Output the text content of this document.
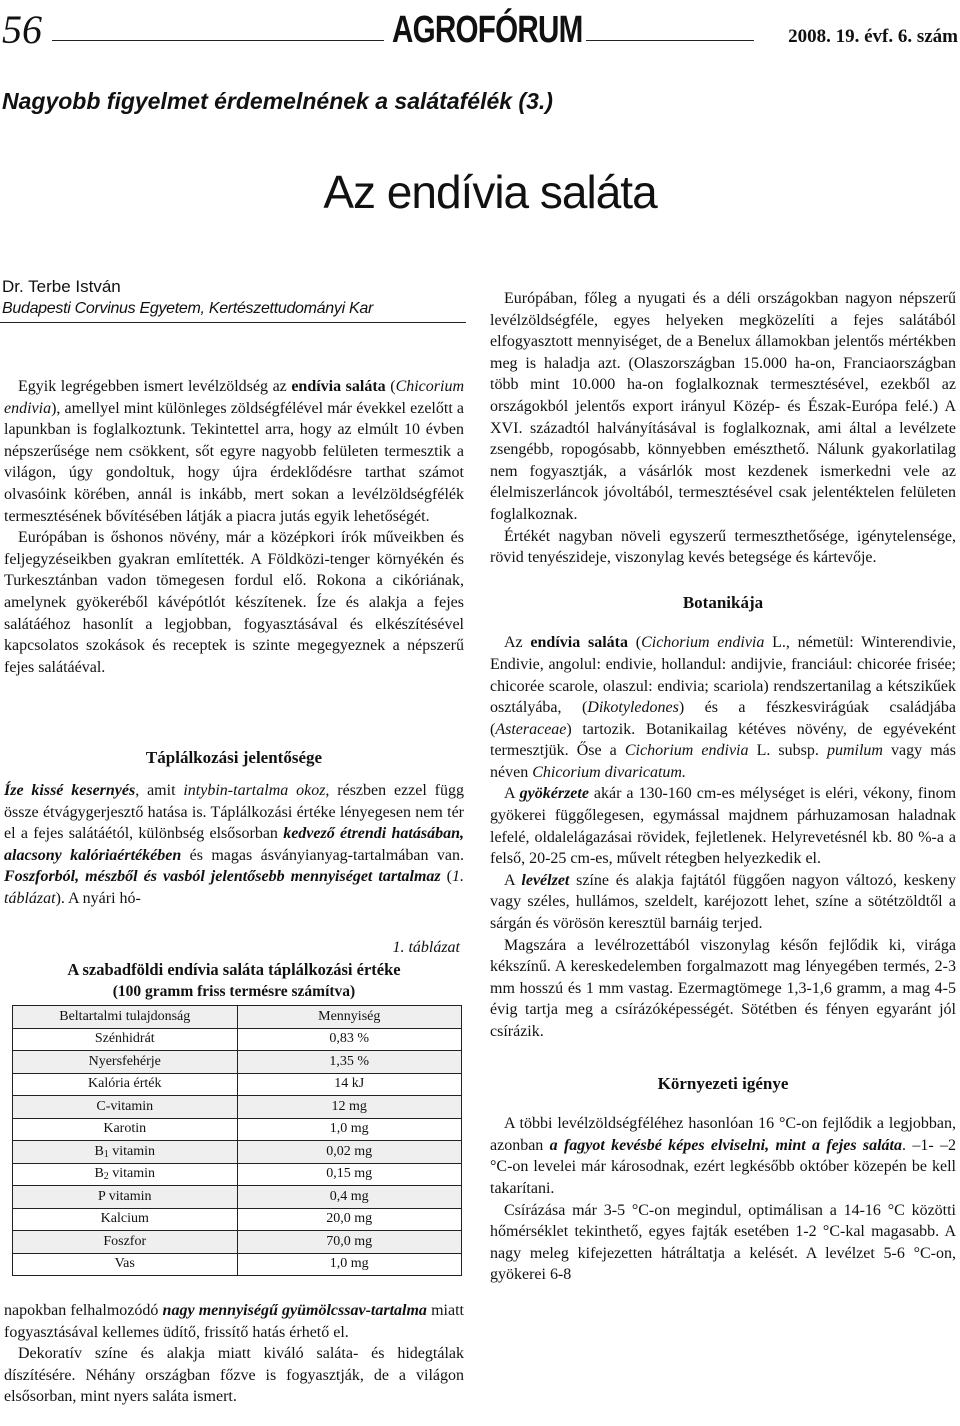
56	AGROFÓRUM	2008. 19. évf. 6. szám
Nagyobb figyelmet érdemelnének a salátafélék (3.)
Az endívia saláta
Dr. Terbe István
Budapesti Corvinus Egyetem, Kertészettudományi Kar

Egyik legrégebben ismert levélzöldség az endívia saláta (Chicorium endivia), amellyel mint különleges zöldségfélével már évekkel ezelőtt a lapunkban is foglalkoztunk. Tekintettel arra, hogy az elmúlt 10 évben népszerűsége nem csökkent, sőt egyre nagyobb felületen termesztik a világon, úgy gondoltuk, hogy újra érdeklődésre tarthat számot olvasóink körében, annál is inkább, mert sokan a levélzöldségfélék termesztésének bővítésében látják a piacra jutás egyik lehetőségét.

Európában is őshonos növény, már a középkori írók műveikben és feljegyzéseikben gyakran említették. A Földközi-tenger környékén és Turkesztánban vadon tömegesen fordul elő. Rokona a cikóriának, amelynek gyökeréből kávépótlót készítenek. Íze és alakja a fejes salátáéhoz hasonlít a legjobban, fogyasztásával és elkészítésével kapcsolatos szokások és receptek is szinte megegyeznek a népszerű fejes salátáéval.

Táplálkozási jelentősége

Íze kissé kesernyés, amit intybin-tartalma okoz, részben ezzel függ össze étvágygerjesztő hatása is. Táplálkozási értéke lényegesen nem tér el a fejes salátáétól, különbség elsősorban kedvező étrendi hatásában, alacsony kalóriaértékében és magas ásványianyag-tartalmában van. Foszforból, mészből és vasból jelentősebb mennyiséget tartalmaz (1. táblázat). A nyári hó-

1. táblázat
A szabadföldi endívia saláta táplálkozási értéke
(100 gramm friss termésre számítva)
Beltartalmi tulajdonság	Mennyiség
Szénhidrát	0,83 %
Nyersfehérje	1,35 %
Kalória érték	14 kJ
C-vitamin	12 mg
Karotin	1,0 mg
$B_1$ vitamin	0,02 mg
$B_2$ vitamin	0,15 mg
P vitamin	0,4 mg
Kalcium	20,0 mg
Foszfor	70,0 mg
Vas	1,0 mg

napokban felhalmozódó nagy mennyiségű gyümölcssav-tartalma miatt fogyasztásával kellemes üdítő, frissítő hatás érhető el.

Dekoratív színe és alakja miatt kiváló saláta- és hidegtálak díszítésére. Néhány országban főzve is fogyasztják, de a világon elsősorban, mint nyers saláta ismert.

Európában, főleg a nyugati és a déli országokban nagyon népszerű levélzöldségféle, egyes helyeken megközelíti a fejes salátából elfogyasztott mennyiséget, de a Benelux államokban jelentős mértékben meg is haladja azt. (Olaszországban 15.000 ha-on, Franciaországban több mint 10.000 ha-on foglalkoznak termesztésével, ezekből az országokból jelentős export irányul Közép- és Észak-Európa felé.) A XVI. századtól halványításával is foglalkoznak, ami által a levélzete zsengébb, ropogósabb, könnyebben emészthető. Nálunk gyakorlatilag nem fogyasztják, a vásárlók most kezdenek ismerkedni vele az élelmiszerláncok jóvoltából, termesztésével csak jelentéktelen felületen foglalkoznak.

Értékét nagyban növeli egyszerű termeszthetősége, igénytelensége, rövid tenyészideje, viszonylag kevés betegsége és kártevője.

Botanikája

Az endívia saláta (Cichorium endivia L., németül: Winterendivie, Endivie, angolul: endivie, hollandul: andijvie, franciául: chicorée frisée; chicorée scarole, olaszul: endivia; scariola) rendszertanilag a kétszikűek osztályába, (Dikotyledones) és a fészkesvirágúak családjába (Asteraceae) tartozik. Botanikailag kétéves növény, de egyéveként termesztjük. Őse a Cichorium endivia L. subsp. pumilum vagy más néven Chicorium divaricatum.

A gyökérzete akár a 130-160 cm-es mélységet is eléri, vékony, finom gyökerei függőlegesen, egymással majdnem párhuzamosan haladnak lefelé, oldalelágazásai rövidek, fejletlenek. Helyrevetésnél kb. 80 %-a a felső, 20-25 cm-es, művelt rétegben helyezkedik el.

A levélzet színe és alakja fajtától függően nagyon változó, keskeny vagy széles, hullámos, szeldelt, karéjozott lehet, színe a sötétzöldtől a sárgán és vörösön keresztül barnáig terjed.

Magszára a levélrozettából viszonylag későn fejlődik ki, virága kékszínű. A kereskedelemben forgalmazott mag lényegében termés, 2-3 mm hosszú és 1 mm vastag. Ezermagtömege 1,3-1,6 gramm, a mag 4-5 évig tartja meg a csírázóképességét. Sötétben és fényen egyaránt jól csírázik.

Környezeti igénye

A többi levélzöldségféléhez hasonlóan 16 °C-on fejlődik a legjobban, azonban a fagyot kevésbé képes elviselni, mint a fejes saláta. –1- –2 °C-on levelei már károsodnak, ezért legkésőbb október közepén be kell takarítani.

Csírázása már 3-5 °C-on megindul, optimálisan a 14-16 °C közötti hőmérséklet tekinthető, egyes fajták esetében 1-2 °C-kal magasabb. A nagy meleg kifejezetten hátráltatja a kelését. A levélzet 5-6 °C-on, gyökerei 6-8
